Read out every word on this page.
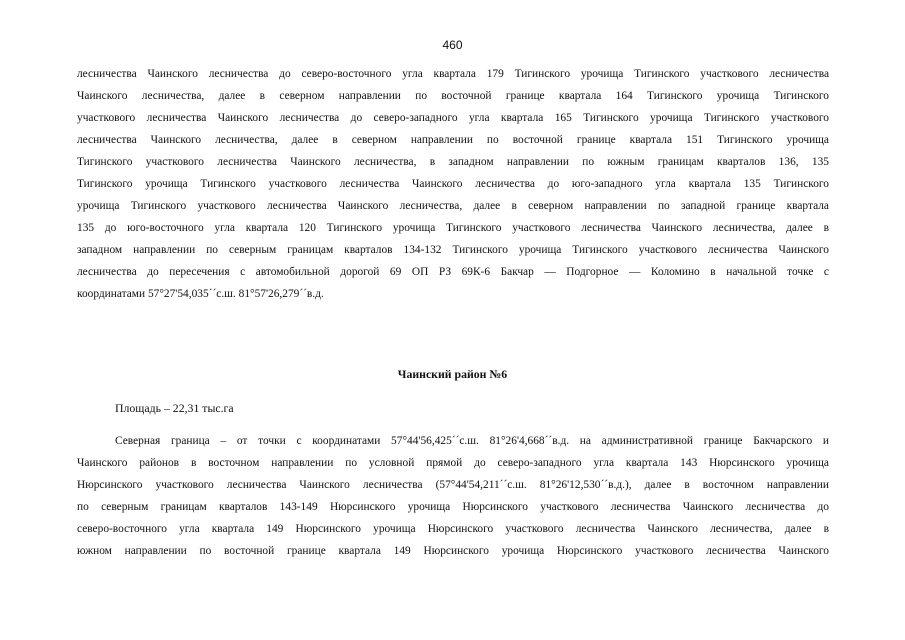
460
лесничества Чаинского лесничества до северо-восточного угла квартала 179 Тигинского урочища Тигинского участкового лесничества
Чаинского лесничества, далее в северном направлении по восточной границе квартала 164 Тигинского урочища Тигинского
участкового лесничества Чаинского лесничества до северо-западного угла квартала 165 Тигинского урочища Тигинского участкового
лесничества Чаинского лесничества, далее в северном направлении по восточной границе квартала 151 Тигинского урочища
Тигинского участкового лесничества Чаинского лесничества, в западном направлении по южным границам кварталов 136, 135
Тигинского урочища Тигинского участкового лесничества Чаинского лесничества до юго-западного угла квартала 135 Тигинского
урочища Тигинского участкового лесничества Чаинского лесничества, далее в северном направлении по западной границе квартала
135 до юго-восточного угла квартала 120 Тигинского урочища Тигинского участкового лесничества Чаинского лесничества, далее в
западном направлении по северным границам кварталов 134-132 Тигинского урочища Тигинского участкового лесничества Чаинского
лесничества до пересечения с автомобильной дорогой 69 ОП РЗ 69К-6 Бакчар — Подгорное — Коломино в начальной точке с
координатами 57°27'54,035´´с.ш. 81°57'26,279´´в.д.
Чаинский район №6
Площадь – 22,31 тыс.га
Северная граница – от точки с координатами 57°44'56,425´´с.ш. 81°26'4,668´´в.д. на административной границе Бакчарского и
Чаинского районов в восточном направлении по условной прямой до северо-западного угла квартала 143 Нюрсинского урочища
Нюрсинского участкового лесничества Чаинского лесничества (57°44'54,211´´с.ш. 81°26'12,530´´в.д.), далее в восточном направлении
по северным границам кварталов 143-149 Нюрсинского урочища Нюрсинского участкового лесничества Чаинского лесничества до
северо-восточного угла квартала 149 Нюрсинского урочища Нюрсинского участкового лесничества Чаинского лесничества, далее в
южном направлении по восточной границе квартала 149 Нюрсинского урочища Нюрсинского участкового лесничества Чаинского
